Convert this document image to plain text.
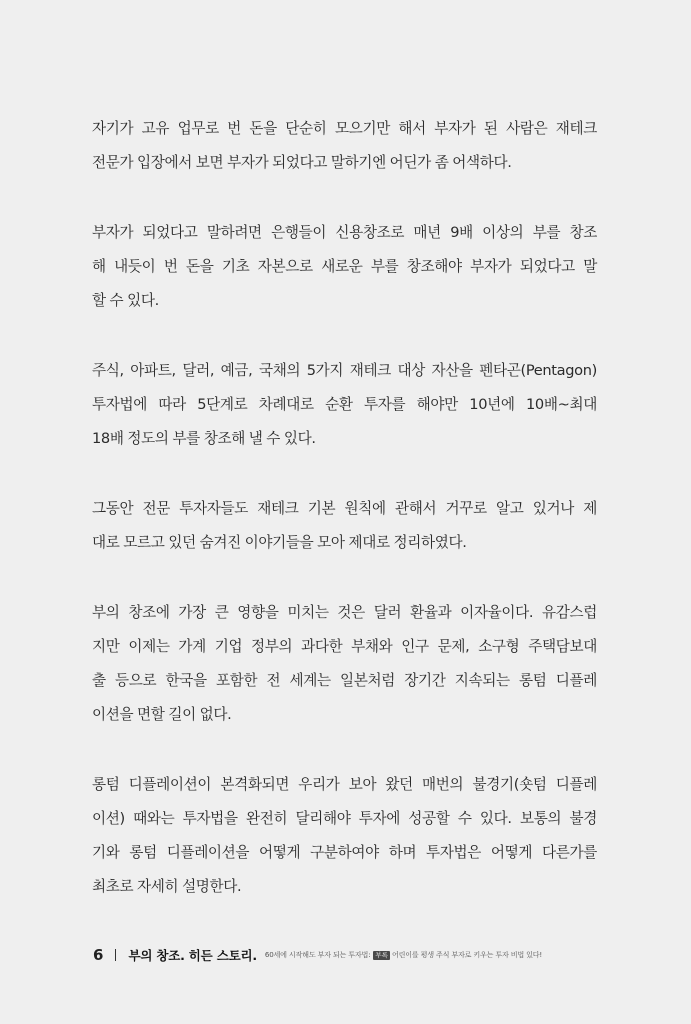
자기가 고유 업무로 번 돈을 단순히 모으기만 해서 부자가 된 사람은 재테크
전문가 입장에서 보면 부자가 되었다고 말하기엔 어딘가 좀 어색하다.
부자가 되었다고 말하려면 은행들이 신용창조로 매년 9배 이상의 부를 창조
해 내듯이 번 돈을 기초 자본으로 새로운 부를 창조해야 부자가 되었다고 말
할 수 있다.
주식, 아파트, 달러, 예금, 국채의 5가지 재테크 대상 자산을 펜타곤(Pentagon)
투자법에 따라 5단계로 차례대로 순환 투자를 해야만 10년에 10배~최대
18배 정도의 부를 창조해 낼 수 있다.
그동안 전문 투자자들도 재테크 기본 원칙에 관해서 거꾸로 알고 있거나 제
대로 모르고 있던 숨겨진 이야기들을 모아 제대로 정리하였다.
부의 창조에 가장 큰 영향을 미치는 것은 달러 환율과 이자율이다. 유감스럽
지만 이제는 가계 기업 정부의 과다한 부채와 인구 문제, 소구형 주택담보대
출 등으로 한국을 포함한 전 세계는 일본처럼 장기간 지속되는 롱텀 디플레
이션을 면할 길이 없다.
롱텀 디플레이션이 본격화되면 우리가 보아 왔던 매번의 불경기(숏텀 디플레
이션) 때와는 투자법을 완전히 달리해야 투자에 성공할 수 있다. 보통의 불경
기와 롱텀 디플레이션을 어떻게 구분하여야 하며 투자법은 어떻게 다른가를
최초로 자세히 설명한다.
6 부의 창조. 히든 스토리. 60세에 시작해도 부자 되는 투자법: 부록 어린이를 평생 주식 부자로 키우는 투자 비법 있다!
